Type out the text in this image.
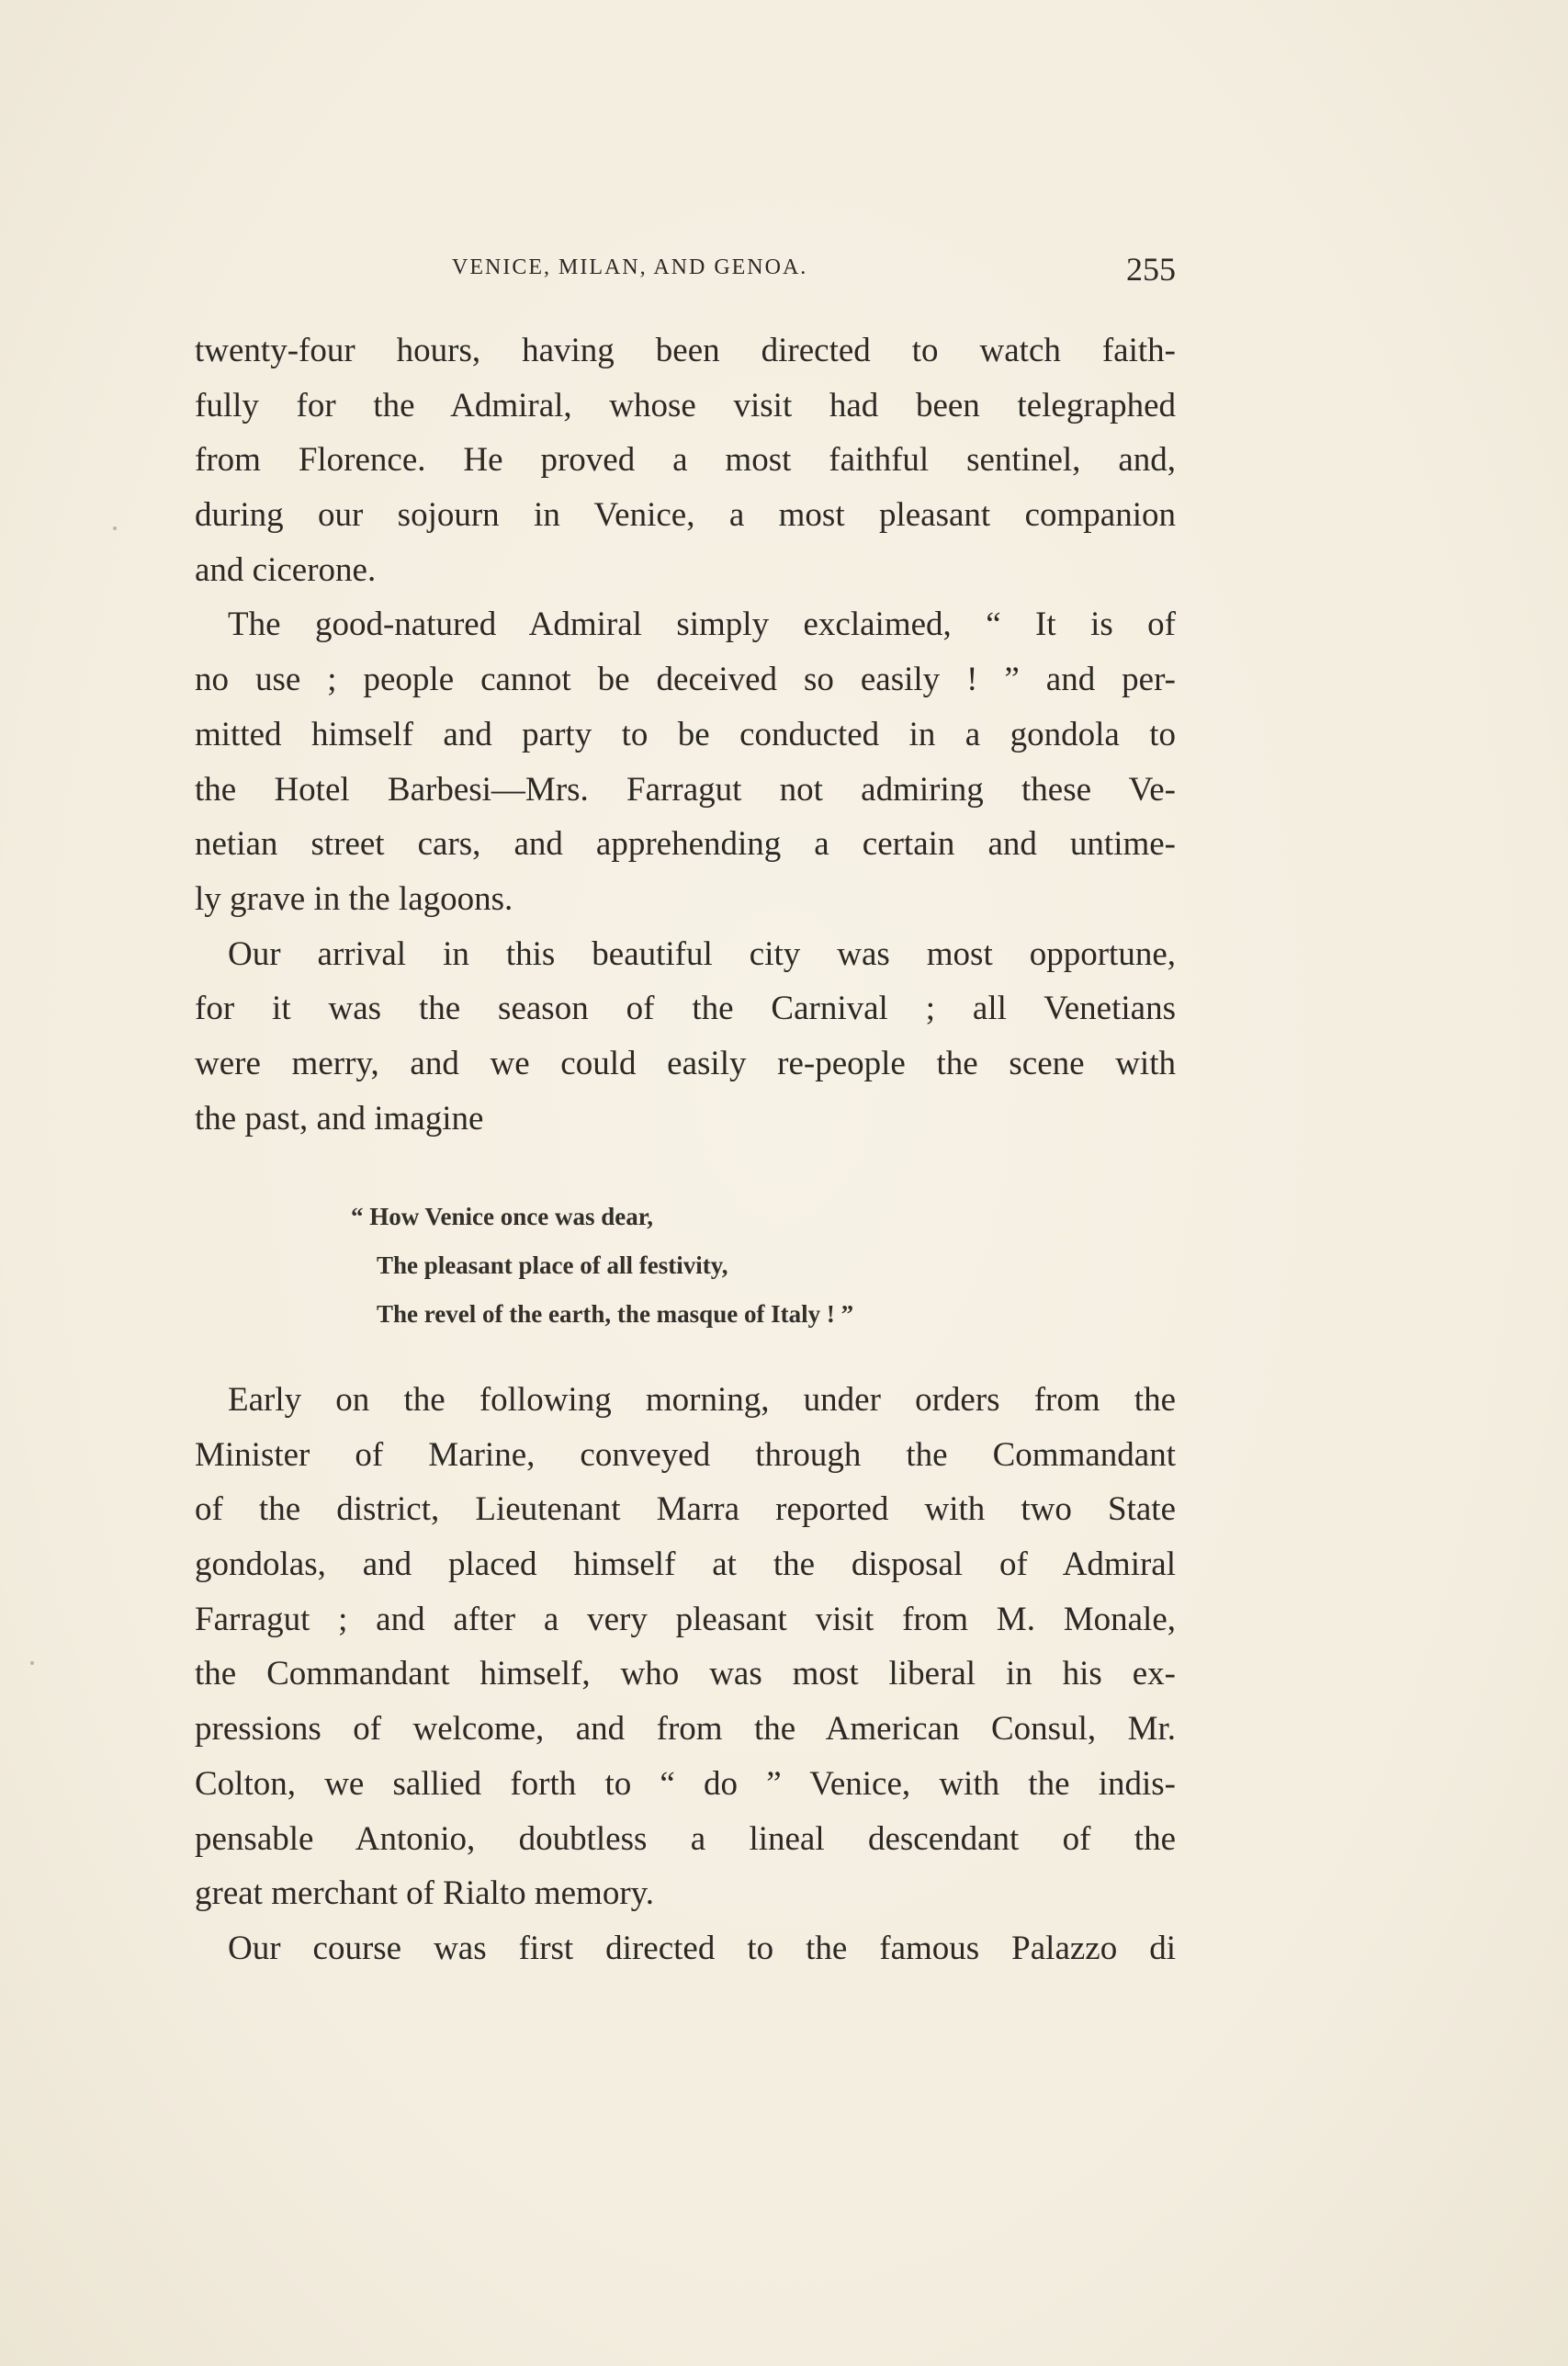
VENICE, MILAN, AND GENOA.	255
twenty-four hours, having been directed to watch faith-
fully for the Admiral, whose visit had been telegraphed
from Florence. He proved a most faithful sentinel, and,
during our sojourn in Venice, a most pleasant companion
and cicerone.
The good-natured Admiral simply exclaimed, “ It is of
no use ; people cannot be deceived so easily ! ” and per-
mitted himself and party to be conducted in a gondola to
the Hotel Barbesi—Mrs. Farragut not admiring these Ve-
netian street cars, and apprehending a certain and untime-
ly grave in the lagoons.
Our arrival in this beautiful city was most opportune,
for it was the season of the Carnival ; all Venetians
were merry, and we could easily re-people the scene with
the past, and imagine
“ How Venice once was dear,
The pleasant place of all festivity,
The revel of the earth, the masque of Italy ! ”
Early on the following morning, under orders from the
Minister of Marine, conveyed through the Commandant
of the district, Lieutenant Marra reported with two State
gondolas, and placed himself at the disposal of Admiral
Farragut ; and after a very pleasant visit from M. Monale,
the Commandant himself, who was most liberal in his ex-
pressions of welcome, and from the American Consul, Mr.
Colton, we sallied forth to “ do ” Venice, with the indis-
pensable Antonio, doubtless a lineal descendant of the
great merchant of Rialto memory.
Our course was first directed to the famous Palazzo di
